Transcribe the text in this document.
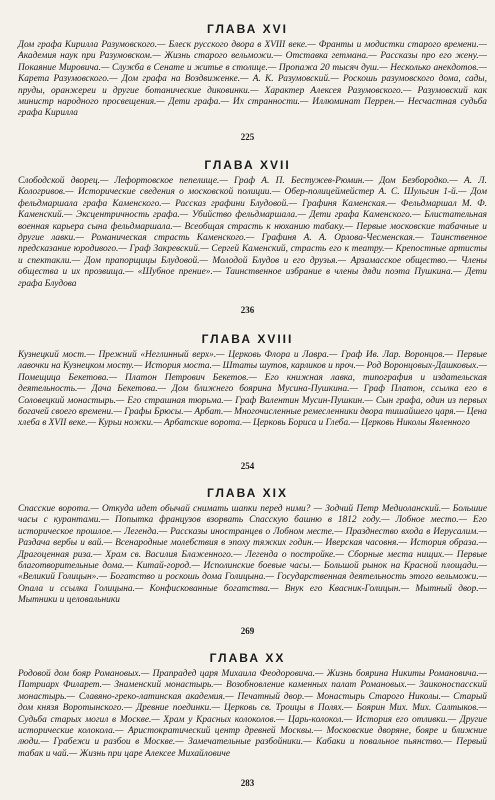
ГЛАВА XVI

Дом графа Кирилла Разумовского.— Блеск русского двора в XVIII веке.— Франты и модистки старого времени.— Академия наук при Разумовском.— Жизнь старого вельможи.— Отставка гетмана.— Рассказы про его жену.— Покаяние Мировича.— Служба в Сенате и житье в столице.— Пропажа 20 тысяч душ.— Несколько анекдотов.— Карета Разумовского.— Дом графа на Воздвиженке.— А. К. Разумовский.— Роскошь разумовского дома, сады, пруды, оранжереи и другие ботанические диковинки.— Характер Алексея Разумовского.— Разумовский как министр народного просвещения.— Дети графа.— Их странности.— Иллюминат Перрен.— Несчастная судьба графа Кирилла

225
ГЛАВА XVII

Слободской дворец.— Лефортовское пепелище.— Граф А. П. Бестужев-Рюмин.— Дом Безбородко.— А. Л. Кологривов.— Исторические сведения о московской полиции.— Обер-полицеймейстер А. С. Шульгин 1-й.— Дом фельдмаршала графа Каменского.— Рассказ графини Блудовой.— Графиня Каменская.— Фельдмаршал М. Ф. Каменский.— Эксцентричность графа.— Убийство фельдмаршала.— Дети графа Каменского.— Блистательная военная карьера сына фельдмаршала.— Всеобщая страсть к нюханию табаку.— Первые московские табачные и другие лавки.— Романическая страсть Каменского.— Графиня А. А. Орлова-Чесменская.— Таинственное предсказание юродивого.— Граф Закревский.— Сергей Каменский, страсть его к театру.— Крепостные артисты и спектакли.— Дом прапорщицы Блудовой.— Молодой Блудов и его друзья.— Арзамасское общество.— Члены общества и их прозвища.— «Шубное прение».— Таинственное избрание в члены дяди поэта Пушкина.— Дети графа Блудова

236
ГЛАВА XVIII

Кузнецкий мост.— Прежний «Неглинный верх».— Церковь Флора и Лавра.— Граф Ив. Лар. Воронцов.— Первые лавочки на Кузнецком мосту.— История моста.— Штаты шутов, карликов и проч.— Род Воронцовых-Дашковых.— Помещица Бекетова.— Платон Петрович Бекетов.— Его книжная лавка, типография и издательская деятельность.— Дача Бекетова.— Дом ближнего боярина Мусина-Пушкина.— Граф Платон, ссылка его в Соловецкий монастырь.— Его страшная тюрьма.— Граф Валентин Мусин-Пушкин.— Сын графа, один из первых богачей своего времени.— Графы Брюсы.— Арбат.— Многочисленные ремесленники двора тишайшего царя.— Цена хлеба в XVII веке.— Курьи ножки.— Арбатские ворота.— Церковь Бориса и Глеба.— Церковь Николы Явленного

254
ГЛАВА XIX

Спасские ворота.— Откуда идет обычай снимать шапки перед ними? — Зодчий Петр Медиоланский.— Большие часы с курантами.— Попытка французов взорвать Спасскую башню в 1812 году.— Лобное место.— Его историческое прошлое.— Легенда.— Рассказы иностранцев о Лобном месте.— Празднество входа в Иерусалим.— Раздача вербы и вай.— Всенародные молебствия в эпоху тяжких годин.— Иверская часовня.— История образа.— Драгоценная риза.— Храм св. Василия Блаженного.— Легенда о постройке.— Сборные места нищих.— Первые благотворительные дома.— Китай-город.— Исполинские боевые часы.— Большой рынок на Красной площади.— «Великий Голицын».— Богатство и роскошь дома Голицына.— Государственная деятельность этого вельможи.— Опала и ссылка Голицына.— Конфискованные богатства.— Внук его Квасник-Голицын.— Мытный двор.— Мытники и целовальники

269
ГЛАВА XX

Родовой дом бояр Романовых.— Прапрадед царя Михаила Феодоровича.— Жизнь боярина Никиты Романовича.— Патриарх Филарет.— Знаменский монастырь.— Возобновление каменных палат Романовых.— Заиконоспасский монастырь.— Славяно-греко-латинская академия.— Печатный двор.— Монастырь Старого Николы.— Старый дом князя Воротынского.— Древние поединки.— Церковь св. Троицы в Полях.— Боярин Мих. Мих. Салтыков.— Судьба старых могил в Москве.— Храм у Красных колоколов.— Царь-колокол.— История его отливки.— Другие исторические колокола.— Аристократический центр древней Москвы.— Московские дворяне, бояре и ближние люди.— Грабежи и разбои в Москве.— Замечательные разбойники.— Кабаки и повальное пьянство.— Первый табак и чай.— Жизнь при царе Алексее Михайловиче

283
